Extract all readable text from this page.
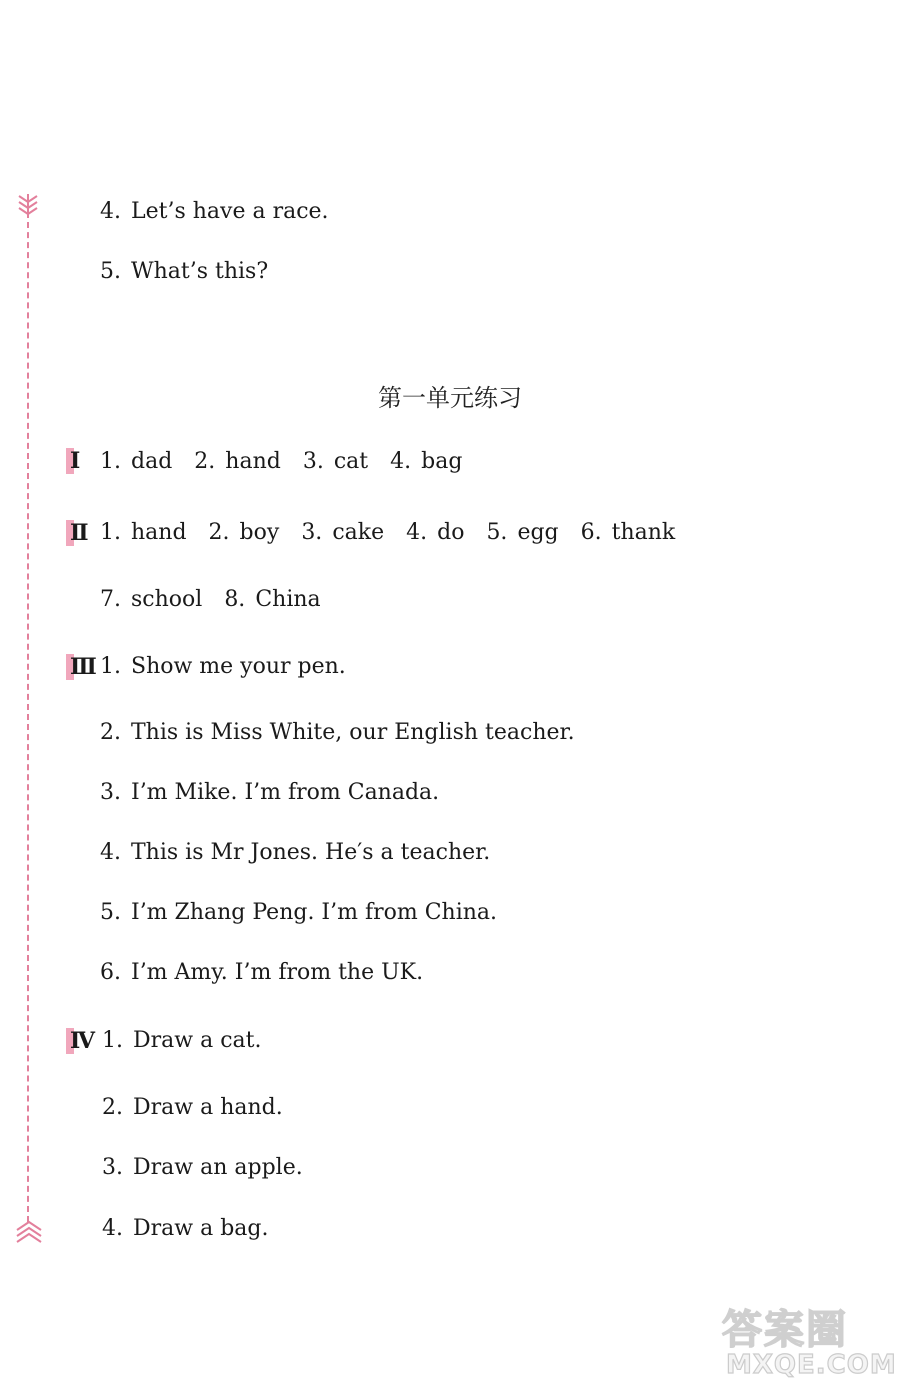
4. Let’s have a race.
5. What’s this?
第一单元练习
Ⅰ 1. dad 2. hand 3. cat 4. bag
Ⅱ 1. hand 2. boy 3. cake 4. do 5. egg 6. thank
7. school 8. China
Ⅲ 1. Show me your pen.
2. This is Miss White, our English teacher.
3. I’m Mike. I’m from Canada.
4. This is Mr Jones. He′s a teacher.
5. I’m Zhang Peng. I’m from China.
6. I’m Amy. I’m from the UK.
Ⅳ 1. Draw a cat.
2. Draw a hand.
3. Draw an apple.
4. Draw a bag.
答案圈
MXQE.COM
